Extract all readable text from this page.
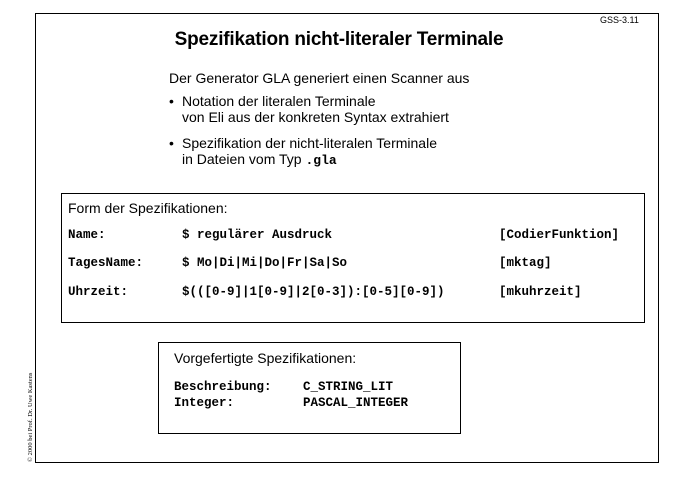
GSS-3.11
Spezifikation nicht-literaler Terminale
Der Generator GLA generiert einen Scanner aus
• Notation der literalen Terminale
von Eli aus der konkreten Syntax extrahiert
• Spezifikation der nicht-literalen Terminale
in Dateien vom Typ .gla
Form der Spezifikationen:
Name:	$ regulärer Ausdruck	[CodierFunktion]
TagesName:	$ Mo|Di|Mi|Do|Fr|Sa|So	[mktag]
Uhrzeit:	$(([0-9]|1[0-9]|2[0-3]):[0-5][0-9])	[mkuhrzeit]
Vorgefertigte Spezifikationen:
Beschreibung:	C_STRING_LIT
Integer:	PASCAL_INTEGER
© 2000 bei Prof. Dr. Uwe Kastens
